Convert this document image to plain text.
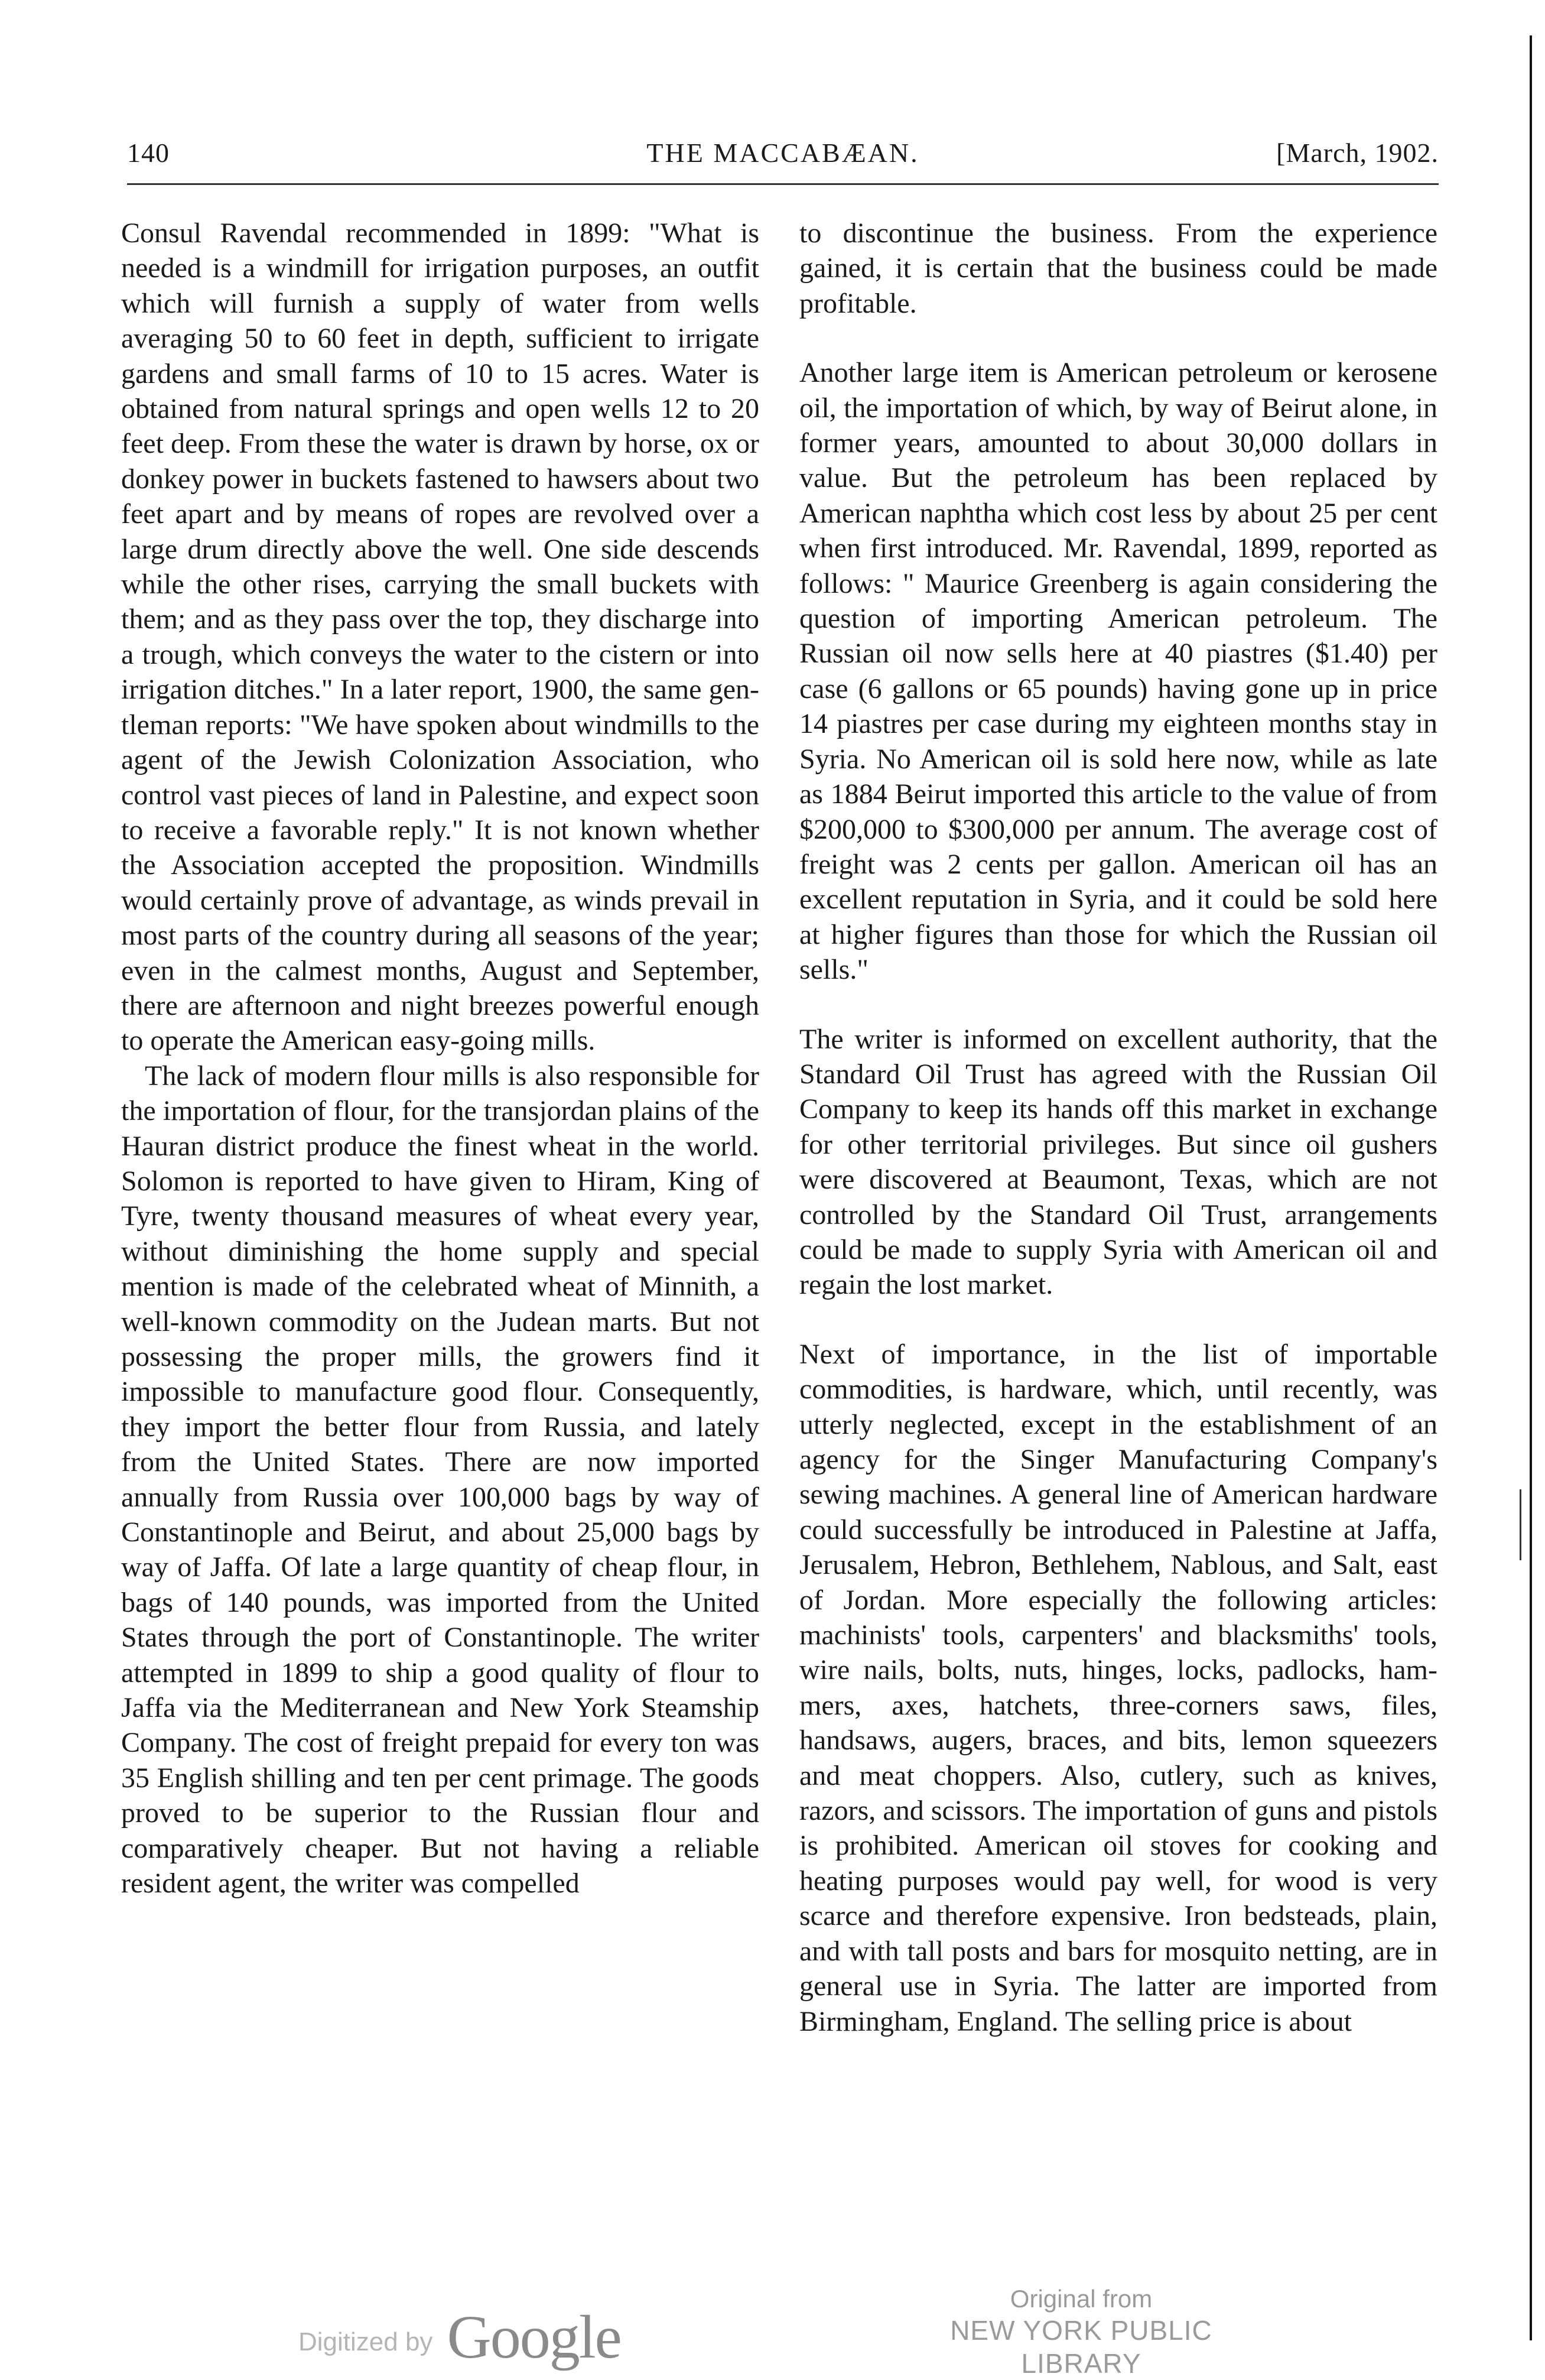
140	THE MACCABÆAN.	[March, 1902.

Consul Ravendal recommended in 1899: "What is needed is a windmill for irrigation purposes, an outfit which will furnish a supply of water from wells averaging 50 to 60 feet in depth, sufficient to irrigate gardens and small farms of 10 to 15 acres. Water is obtained from natural springs and open wells 12 to 20 feet deep. From these the water is drawn by horse, ox or donkey power in buckets fastened to hawsers about two feet apart and by means of ropes are revolved over a large drum directly above the well. One side descends while the other rises, carrying the small buckets with them; and as they pass over the top, they discharge into a trough, which conveys the water to the cistern or into irrigation ditches." In a later report, 1900, the same gentleman reports: "We have spoken about windmills to the agent of the Jewish Colonization Association, who control vast pieces of land in Palestine, and expect soon to receive a favorable reply." It is not known whether the Association accepted the proposition. Windmills would certainly prove of advantage, as winds prevail in most parts of the country during all seasons of the year; even in the calmest months, August and September, there are afternoon and night breezes powerful enough to operate the American easy-going mills.

The lack of modern flour mills is also responsible for the importation of flour, for the transjordan plains of the Hauran district produce the finest wheat in the world. Solomon is reported to have given to Hiram, King of Tyre, twenty thousand measures of wheat every year, without diminishing the home supply and special mention is made of the celebrated wheat of Minnith, a well-known commodity on the Judean marts. But not possessing the proper mills, the growers find it impossible to manufacture good flour. Consequently, they import the better flour from Russia, and lately from the United States. There are now imported annually from Russia over 100,000 bags by way of Constantinople and Beirut, and about 25,000 bags by way of Jaffa. Of late a large quantity of cheap flour, in bags of 140 pounds, was imported from the United States through the port of Constantinople. The writer attempted in 1899 to ship a good quality of flour to Jaffa via the Mediterranean and New York Steamship Company. The cost of freight prepaid for every ton was 35 English shilling and ten per cent primage. The goods proved to be superior to the Russian flour and comparatively cheaper. But not having a reliable resident agent, the writer was compelled

to discontinue the business. From the experience gained, it is certain that the business could be made profitable.

Another large item is American petroleum or kerosene oil, the importation of which, by way of Beirut alone, in former years, amounted to about 30,000 dollars in value. But the petroleum has been replaced by American naphtha which cost less by about 25 per cent when first introduced. Mr. Ravendal, 1899, reported as follows: " Maurice Greenberg is again considering the question of importing American petroleum. The Russian oil now sells here at 40 piastres ($1.40) per case (6 gallons or 65 pounds) having gone up in price 14 piastres per case during my eighteen months stay in Syria. No American oil is sold here now, while as late as 1884 Beirut imported this article to the value of from $200,000 to $300,000 per annum. The average cost of freight was 2 cents per gallon. American oil has an excellent reputation in Syria, and it could be sold here at higher figures than those for which the Russian oil sells."

The writer is informed on excellent authority, that the Standard Oil Trust has agreed with the Russian Oil Company to keep its hands off this market in exchange for other territorial privileges. But since oil gushers were discovered at Beaumont, Texas, which are not controlled by the Standard Oil Trust, arrangements could be made to supply Syria with American oil and regain the lost market.

Next of importance, in the list of importable commodities, is hardware, which, until recently, was utterly neglected, except in the establishment of an agency for the Singer Manufacturing Company's sewing machines. A general line of American hardware could successfully be introduced in Palestine at Jaffa, Jerusalem, Hebron, Bethlehem, Nablous, and Salt, east of Jordan. More especially the following articles: machinists' tools, carpenters' and blacksmiths' tools, wire nails, bolts, nuts, hinges, locks, padlocks, hammers, axes, hatchets, three-corners saws, files, handsaws, augers, braces, and bits, lemon squeezers and meat choppers. Also, cutlery, such as knives, razors, and scissors. The importation of guns and pistols is prohibited. American oil stoves for cooking and heating purposes would pay well, for wood is very scarce and therefore expensive. Iron bedsteads, plain, and with tall posts and bars for mosquito netting, are in general use in Syria. The latter are imported from Birmingham, England. The selling price is about

Digitized by Google
Original from
NEW YORK PUBLIC LIBRARY
